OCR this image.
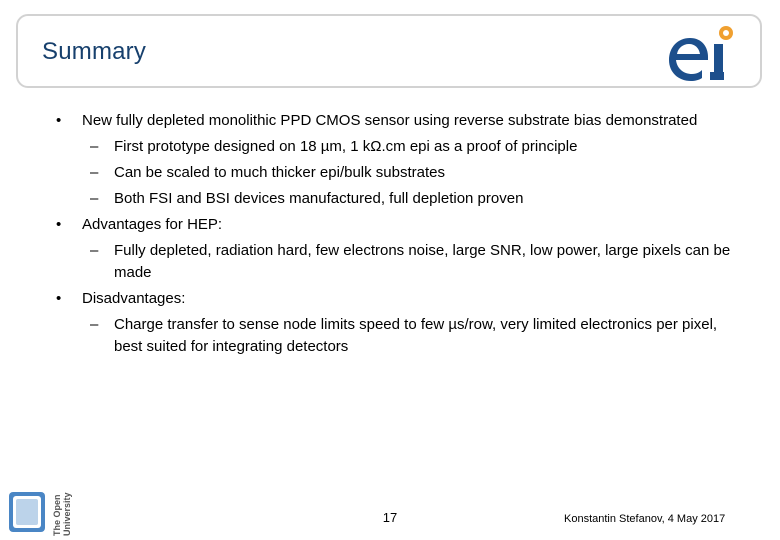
Summary
• New fully depleted monolithic PPD CMOS sensor using reverse substrate bias demonstrated
– First prototype designed on 18 µm, 1 kΩ.cm epi as a proof of principle
– Can be scaled to much thicker epi/bulk substrates
– Both FSI and BSI devices manufactured, full depletion proven
• Advantages for HEP:
– Fully depleted, radiation hard, few electrons noise, large SNR, low power, large pixels can be made
• Disadvantages:
– Charge transfer to sense node limits speed to few µs/row, very limited electronics per pixel, best suited for integrating detectors
The Open University	17	Konstantin Stefanov, 4 May 2017
